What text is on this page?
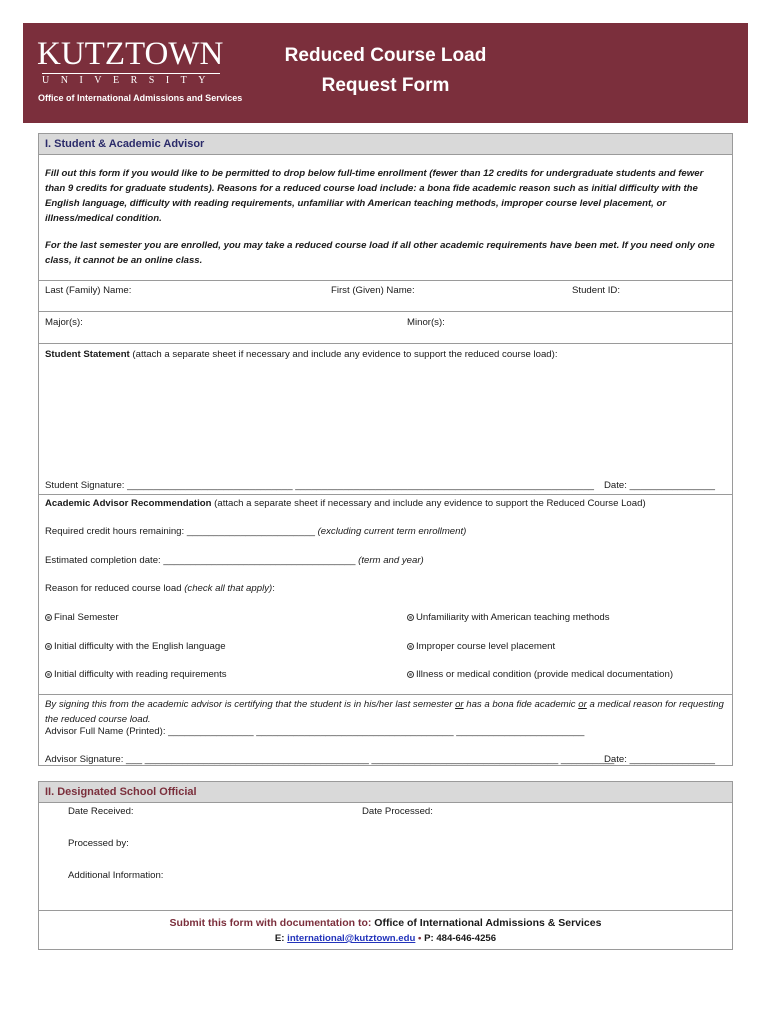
KUTZTOWN
UNIVERSITY
Office of International Admissions and Services
Reduced Course Load
Request Form
I. Student & Academic Advisor
Fill out this form if you would like to be permitted to drop below full-time enrollment (fewer than 12 credits for undergraduate students and fewer than 9 credits for graduate students). Reasons for a reduced course load include: a bona fide academic reason such as initial difficulty with the English language, difficulty with reading requirements, unfamiliar with American teaching methods, improper course level placement, or illness/medical condition.
For the last semester you are enrolled, you may take a reduced course load if all other academic requirements have been met. If you need only one class, it cannot be an online class.
Last (Family) Name:	First (Given) Name:	Student ID:
Major(s):	Minor(s):
Student Statement (attach a separate sheet if necessary and include any evidence to support the reduced course load):
Student Signature: _______________________________ ________________________________________________________ Date: ________________
Academic Advisor Recommendation (attach a separate sheet if necessary and include any evidence to support the Reduced Course Load)
Required credit hours remaining: ________________________ (excluding current term enrollment)
Estimated completion date: ____________________________________ (term and year)
Reason for reduced course load (check all that apply):
Final Semester	Unfamiliarity with American teaching methods
Initial difficulty with the English language	Improper course level placement
Initial difficulty with reading requirements	Illness or medical condition (provide medical documentation)
By signing this from the academic advisor is certifying that the student is in his/her last semester or has a bona fide academic or a medical reason for requesting the reduced course load.
Advisor Full Name (Printed): ________________ _____________________________________ ________________________
Advisor Signature: ___ __________________________________________ ___________________________________ __________
Date: ________________
II. Designated School Official
Date Received:	Date Processed:
Processed by:
Additional Information:
Submit this form with documentation to: Office of International Admissions & Services
E: international@kutztown.edu • P: 484-646-4256
